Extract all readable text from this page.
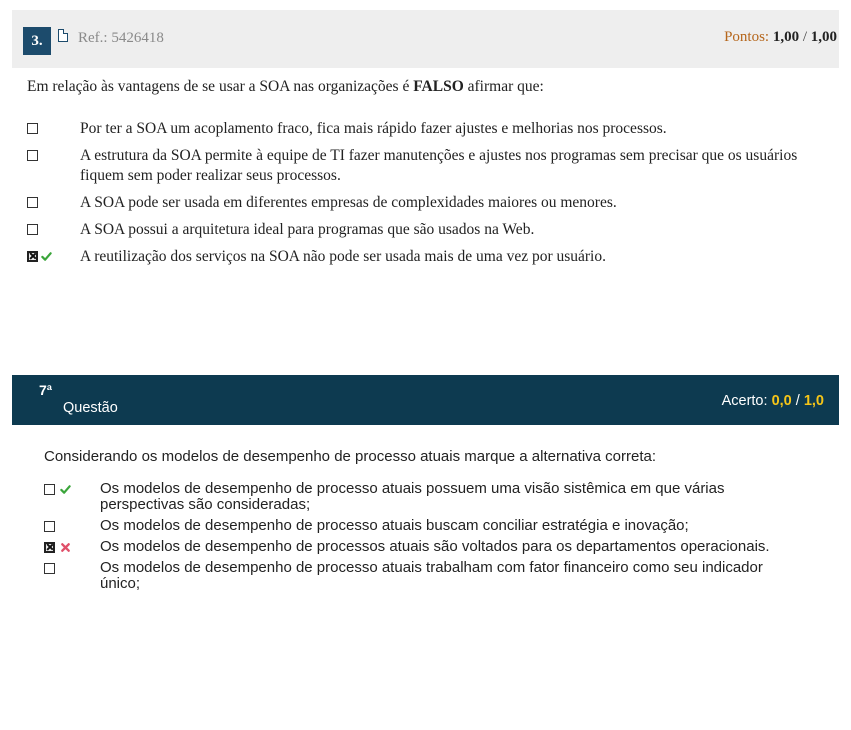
3.	Ref.: 5426418	Pontos: 1,00 / 1,00
Em relação às vantagens de se usar a SOA nas organizações é FALSO afirmar que:
Por ter a SOA um acoplamento fraco, fica mais rápido fazer ajustes e melhorias nos processos.
A estrutura da SOA permite à equipe de TI fazer manutenções e ajustes nos programas sem precisar que os usuários fiquem sem poder realizar seus processos.
A SOA pode ser usada em diferentes empresas de complexidades maiores ou menores.
A SOA possui a arquitetura ideal para programas que são usados na Web.
A reutilização dos serviços na SOA não pode ser usada mais de uma vez por usuário.
7ª
Questão	Acerto: 0,0 / 1,0
Considerando os modelos de desempenho de processo atuais marque a alternativa correta:
Os modelos de desempenho de processo atuais possuem uma visão sistêmica em que várias perspectivas são consideradas;
Os modelos de desempenho de processo atuais buscam conciliar estratégia e inovação;
Os modelos de desempenho de processos atuais são voltados para os departamentos operacionais.
Os modelos de desempenho de processo atuais trabalham com fator financeiro como seu indicador único;
